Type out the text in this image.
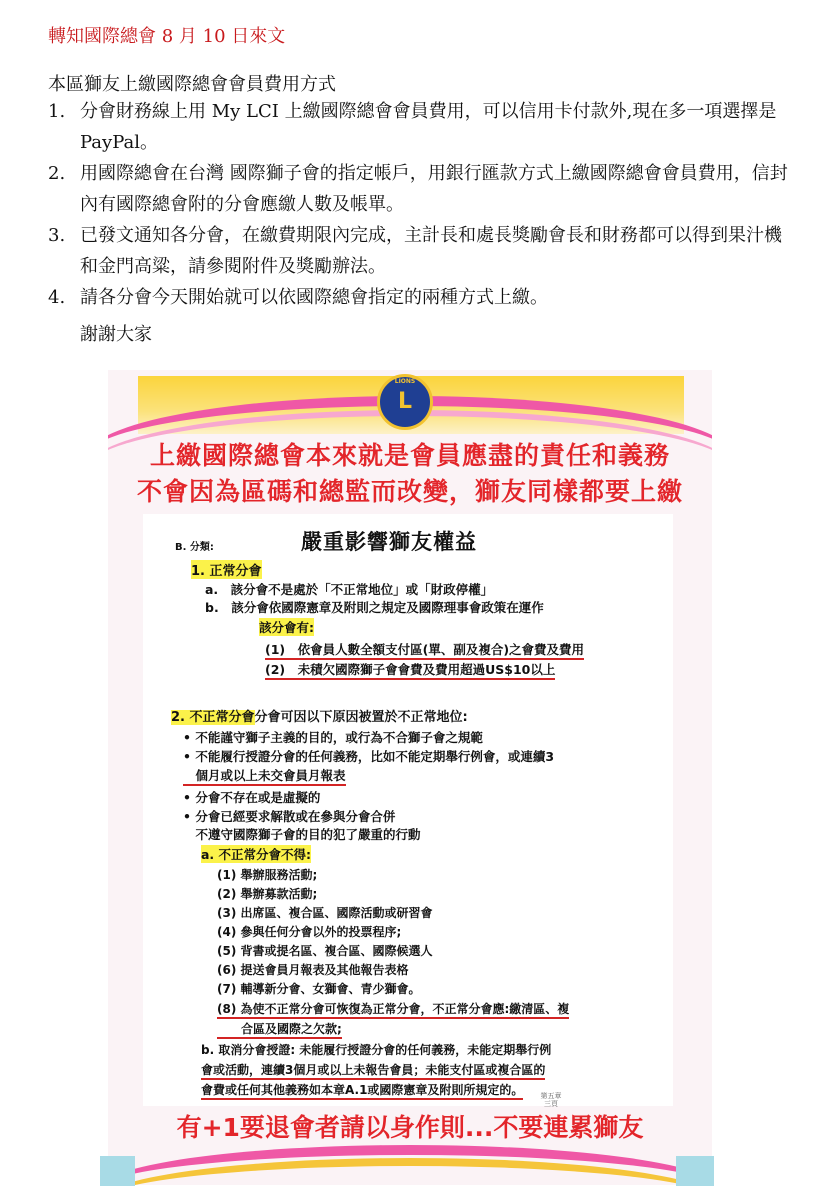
轉知國際總會 8 月 10 日來文
本區獅友上繳國際總會會員費用方式
1. 分會財務線上用 My LCI 上繳國際總會會員費用，可以信用卡付款外,現在多一項選擇是 PayPal。
2. 用國際總會在台灣 國際獅子會的指定帳戶，用銀行匯款方式上繳國際總會會員費用，信封內有國際總會附的分會應繳人數及帳單。
3. 已發文通知各分會，在繳費期限內完成，主計長和處長獎勵會長和財務都可以得到果汁機和金門高粱，請參閱附件及獎勵辦法。
4. 請各分會今天開始就可以依國際總會指定的兩種方式上繳。
謝謝大家
LIONS
L
上繳國際總會本來就是會員應盡的責任和義務
不會因為區碼和總監而改變，獅友同樣都要上繳
B. 分類:	嚴重影響獅友權益
1. 正常分會
a.　該分會不是處於「不正常地位」或「財政停權」
b.　該分會依國際憲章及附則之規定及國際理事會政策在運作
該分會有:
(1)　依會員人數全額支付區(單、副及複合)之會費及費用
(2)　未積欠國際獅子會會費及費用超過US$10以上
2. 不正常分會分會可因以下原因被置於不正常地位:
• 不能謹守獅子主義的目的，或行為不合獅子會之規範
• 不能履行授證分會的任何義務，比如不能定期舉行例會，或連續3
　個月或以上未交會員月報表
• 分會不存在或是虛擬的
• 分會已經要求解散或在參與分會合併
　不遵守國際獅子會的目的犯了嚴重的行動
a. 不正常分會不得:
(1) 舉辦服務活動;
(2) 舉辦募款活動;
(3) 出席區、複合區、國際活動或研習會
(4) 參與任何分會以外的投票程序;
(5) 背書或提名區、複合區、國際候選人
(6) 提送會員月報表及其他報告表格
(7) 輔導新分會、女獅會、青少獅會。
(8) 為使不正常分會可恢復為正常分會，不正常分會應:繳清區、複
　　合區及國際之欠款;
b. 取消分會授證: 未能履行授證分會的任何義務，未能定期舉行例
會或活動，連續3個月或以上未報告會員；未能支付區或複合區的
會費或任何其他義務如本章A.1或國際憲章及附則所規定的。 第五章 三頁
有+1要退會者請以身作則...不要連累獅友
